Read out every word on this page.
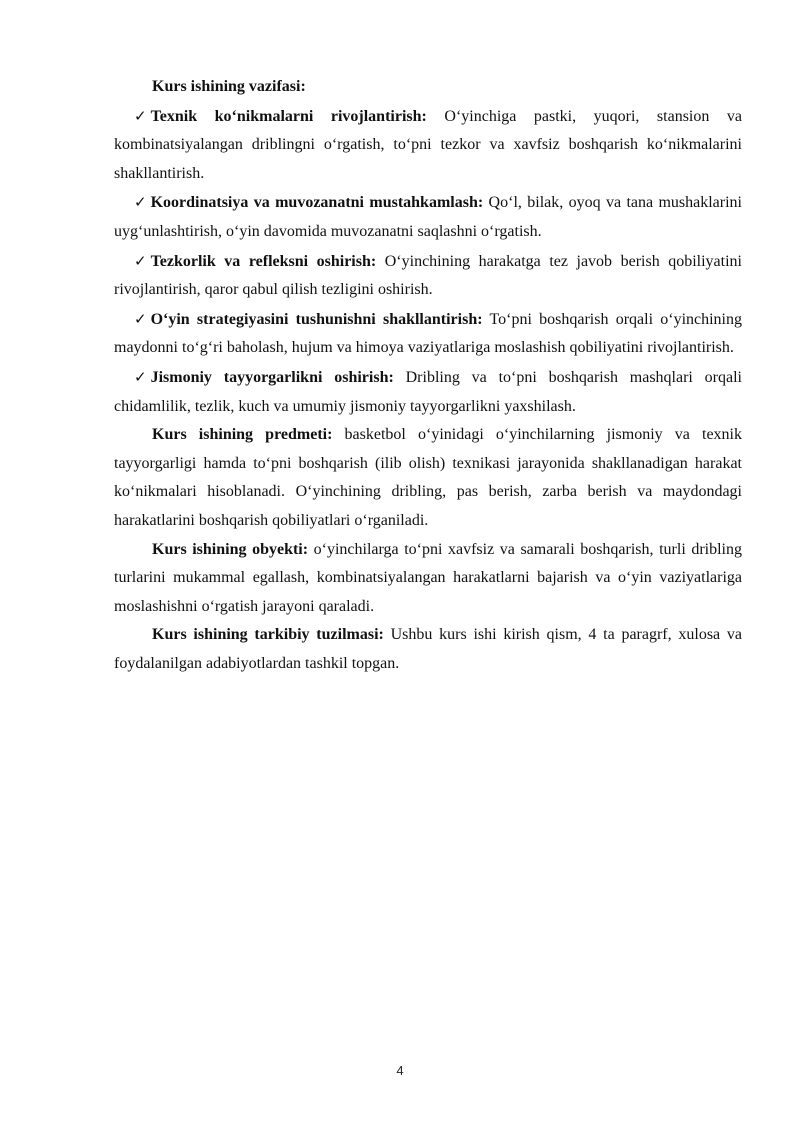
Kurs ishining vazifasi:

✓ Texnik ko‘nikmalarni rivojlantirish: O‘yinchiga pastki, yuqori, stansion va kombinatsiyalangan driblingni o‘rgatish, to‘pni tezkor va xavfsiz boshqarish ko‘nikmalarini shakllantirish.

✓ Koordinatsiya va muvozanatni mustahkamlash: Qo‘l, bilak, oyoq va tana mushaklarini uyg‘unlashtirish, o‘yin davomida muvozanatni saqlashni o‘rgatish.

✓ Tezkorlik va refleksni oshirish: O‘yinchining harakatga tez javob berish qobiliyatini rivojlantirish, qaror qabul qilish tezligini oshirish.

✓ O‘yin strategiyasini tushunishni shakllantirish: To‘pni boshqarish orqali o‘yinchining maydonni to‘g‘ri baholash, hujum va himoya vaziyatlariga moslashish qobiliyatini rivojlantirish.

✓ Jismoniy tayyorgarlikni oshirish: Dribling va to‘pni boshqarish mashqlari orqali chidamlilik, tezlik, kuch va umumiy jismoniy tayyorgarlikni yaxshilash.

Kurs ishining predmeti: basketbol o‘yinidagi o‘yinchilarning jismoniy va texnik tayyorgarligi hamda to‘pni boshqarish (ilib olish) texnikasi jarayonida shakllanadigan harakat ko‘nikmalari hisoblanadi. O‘yinchining dribling, pas berish, zarba berish va maydondagi harakatlarini boshqarish qobiliyatlari o‘rganiladi.

Kurs ishining obyekti: o‘yinchilarga to‘pni xavfsiz va samarali boshqarish, turli dribling turlarini mukammal egallash, kombinatsiyalangan harakatlarni bajarish va o‘yin vaziyatlariga moslashishni o‘rgatish jarayoni qaraladi.

Kurs ishining tarkibiy tuzilmasi: Ushbu kurs ishi kirish qism, 4 ta paragrf, xulosa va foydalanilgan adabiyotlardan tashkil topgan.

4
